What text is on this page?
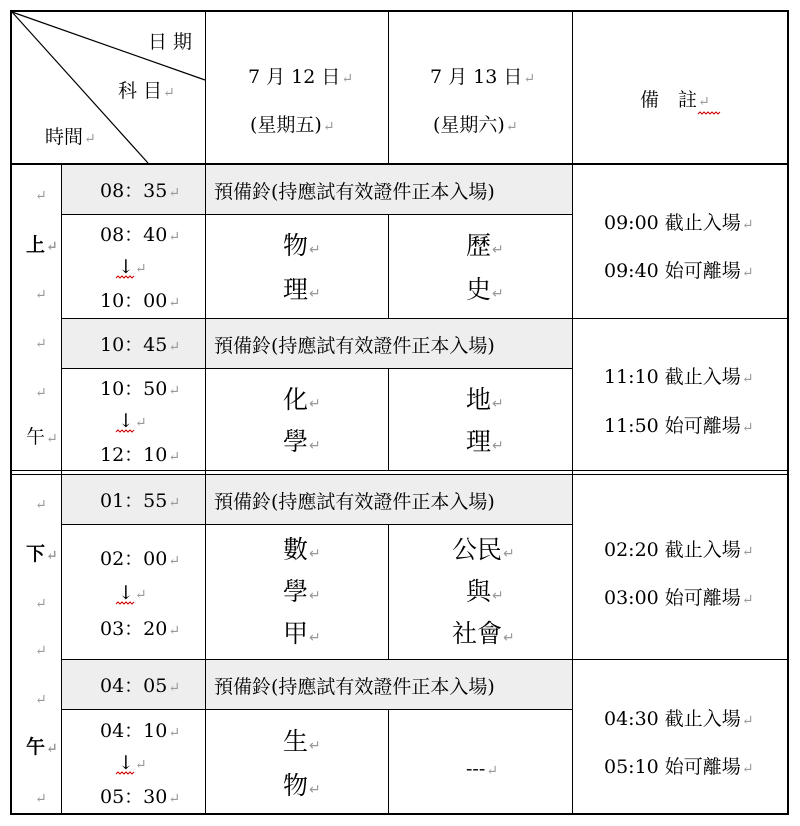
日 期
科 目↵
時間↵
7 月 12 日↵
(星期五)↵
7 月 13 日↵
(星期六)↵
備　註↵
↵
上↵
↵
↵
↵
午↵
↵
下↵
↵
↵
↵
午↵
↵
08：35↵ 預備鈴(持應試有效證件正本入場)
08：40↵
↓↵
10：00↵
物↵
理↵
歷↵
史↵
09:00 截止入場↵
09:40 始可離場↵
10：45↵ 預備鈴(持應試有效證件正本入場)
10：50↵
↓↵
12：10↵
化↵
學↵
地↵
理↵
11:10 截止入場↵
11:50 始可離場↵
01：55↵ 預備鈴(持應試有效證件正本入場)
02：00↵
↓↵
03：20↵
數↵
學↵
甲↵
公民↵
與↵
社會↵
02:20 截止入場↵
03:00 始可離場↵
04：05↵ 預備鈴(持應試有效證件正本入場)
04：10↵
↓↵
05：30↵
生↵
物↵
---↵
04:30 截止入場↵
05:10 始可離場↵
